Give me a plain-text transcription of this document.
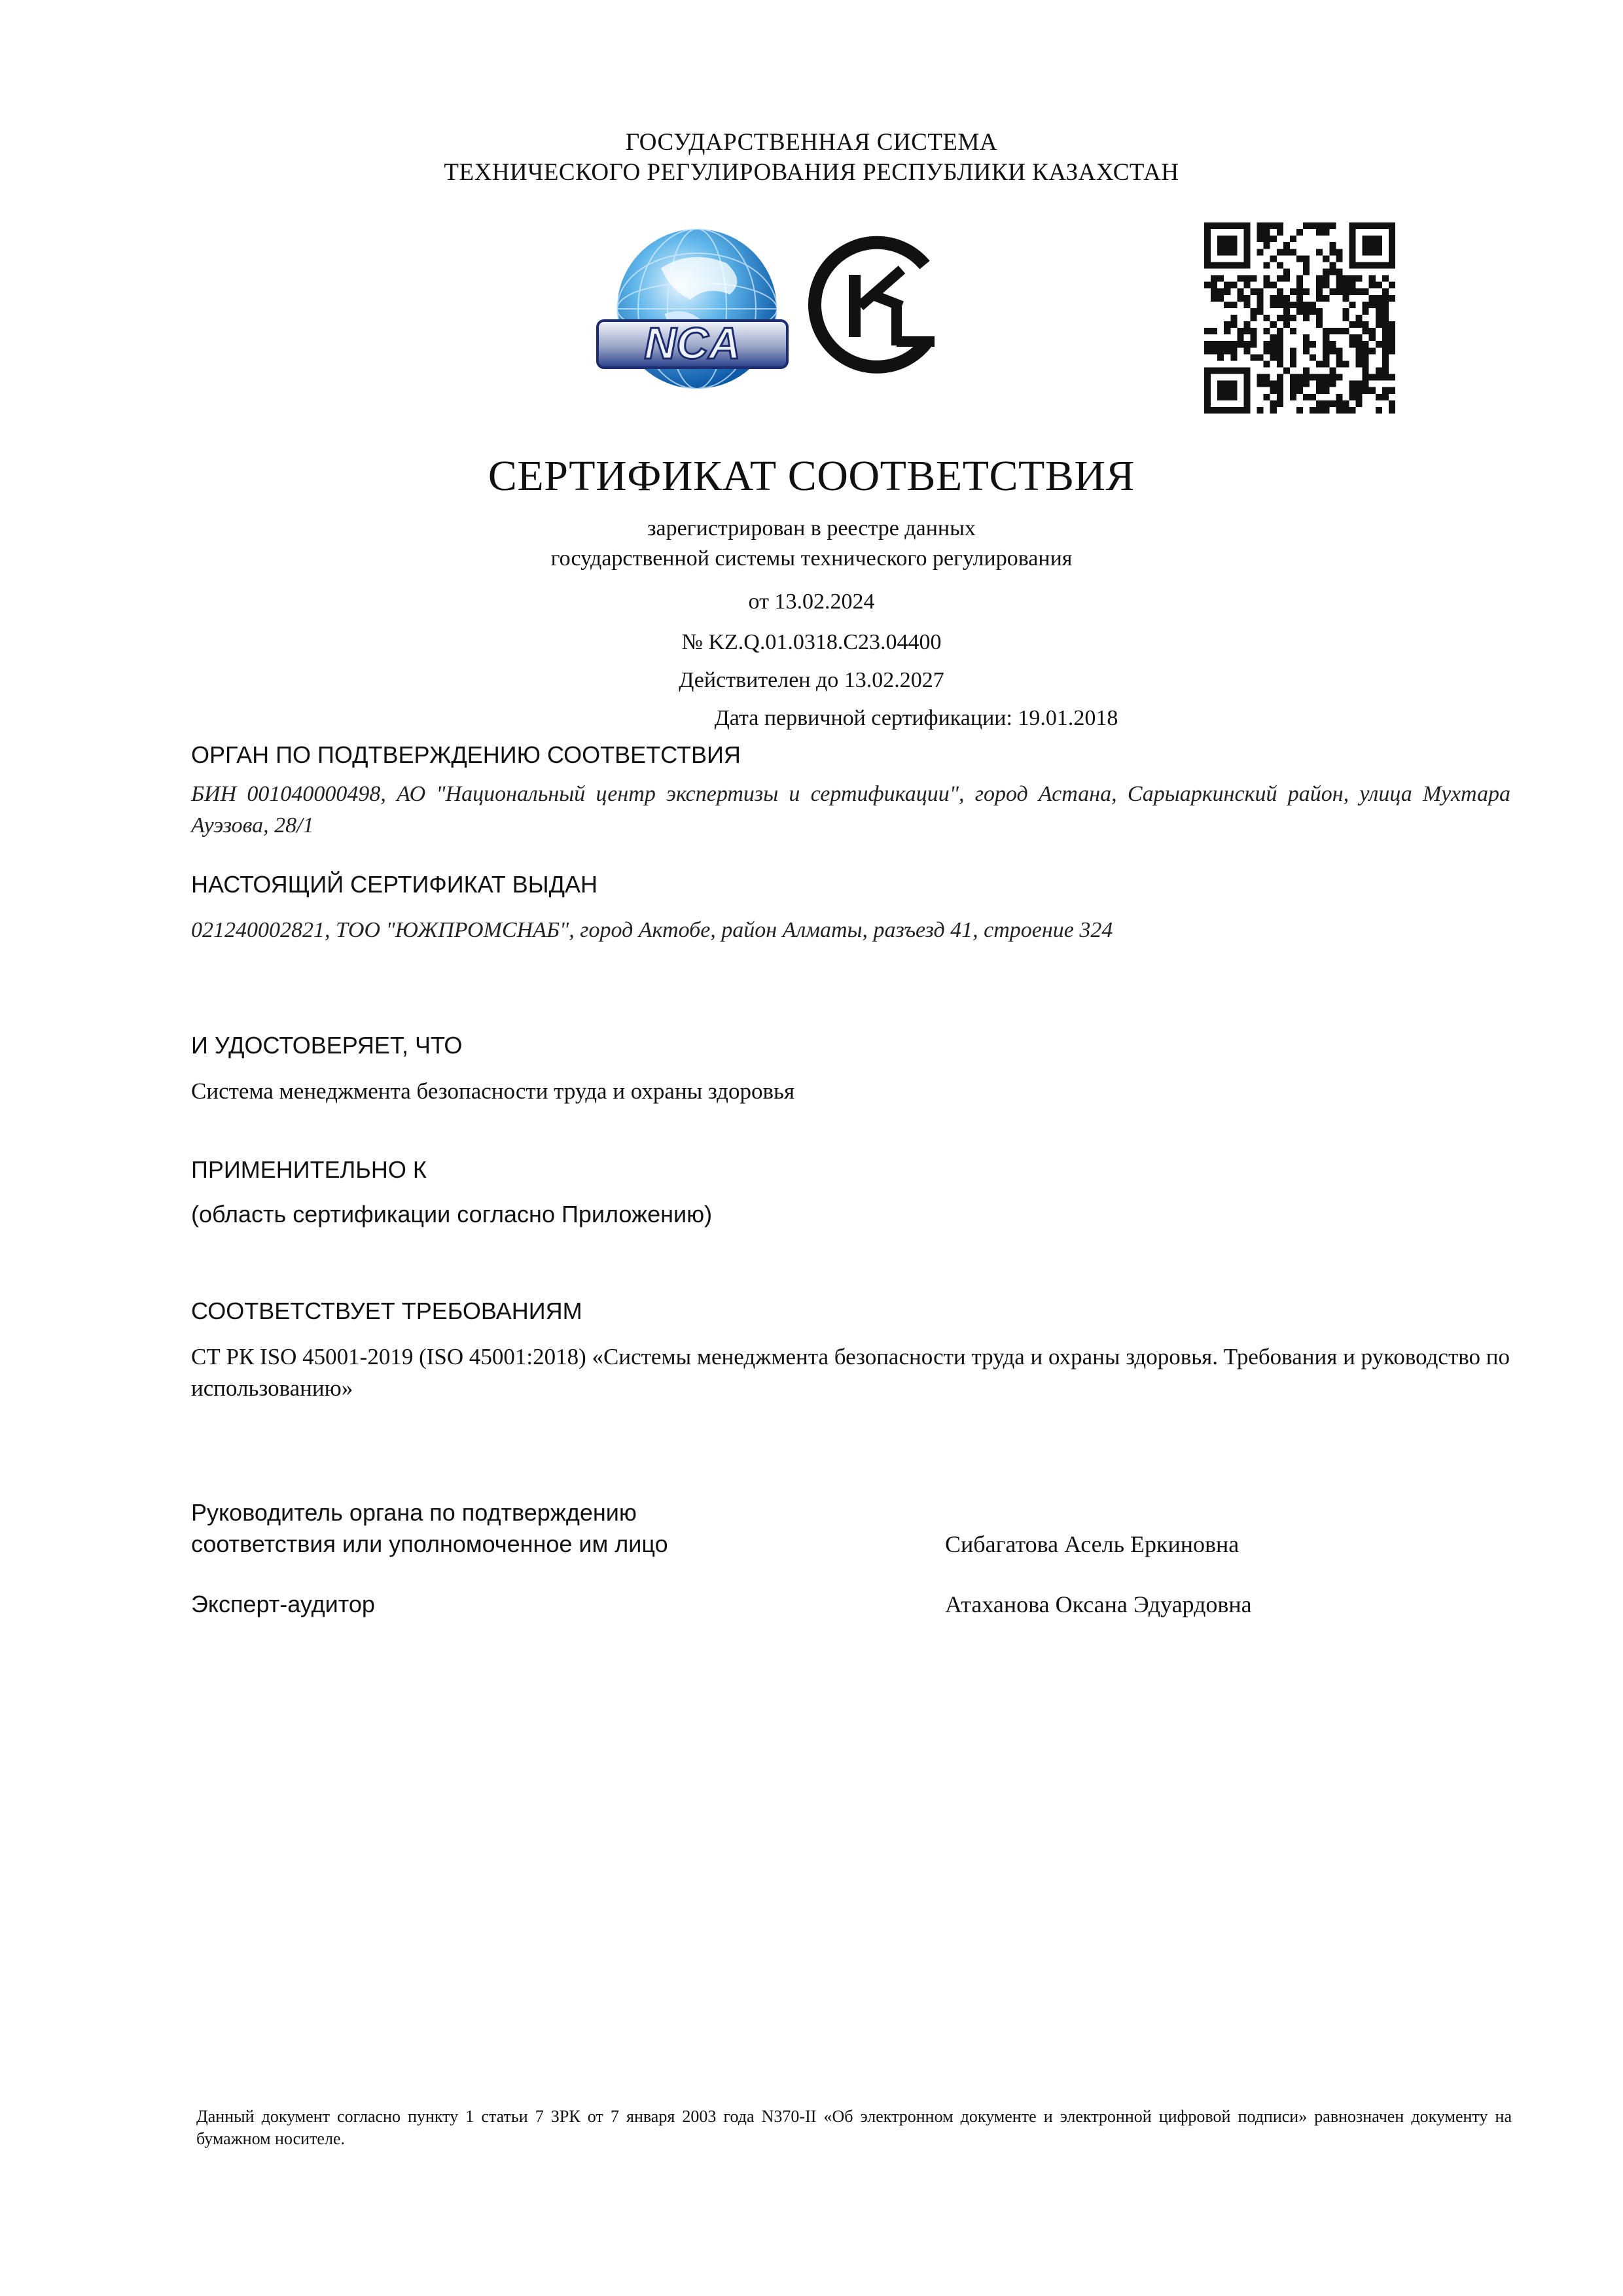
ГОСУДАРСТВЕННАЯ СИСТЕМА
ТЕХНИЧЕСКОГО РЕГУЛИРОВАНИЯ РЕСПУБЛИКИ КАЗАХСТАН
NCA
СЕРТИФИКАТ СООТВЕТСТВИЯ
зарегистрирован в реестре данных
государственной системы технического регулирования
от 13.02.2024
№ KZ.Q.01.0318.C23.04400
Действителен до 13.02.2027
Дата первичной сертификации: 19.01.2018
ОРГАН ПО ПОДТВЕРЖДЕНИЮ СООТВЕТСТВИЯ
БИН 001040000498, АО "Национальный центр экспертизы и сертификации", город Астана, Сарыаркинский район, улица Мухтара Ауэзова, 28/1
НАСТОЯЩИЙ СЕРТИФИКАТ ВЫДАН
021240002821, ТОО "ЮЖПРОМСНАБ", город Актобе, район Алматы, разъезд 41, строение 324
И УДОСТОВЕРЯЕТ, ЧТО
Система менеджмента безопасности труда и охраны здоровья
ПРИМЕНИТЕЛЬНО К
(область сертификации согласно Приложению)
СООТВЕТСТВУЕТ ТРЕБОВАНИЯМ
СТ РК ISO 45001-2019 (ISO 45001:2018) «Системы менеджмента безопасности труда и охраны здоровья. Требования и руководство по использованию»
Руководитель органа по подтверждению
соответствия или уполномоченное им лицо	Сибагатова Асель Еркиновна
Эксперт-аудитор	Атаханова Оксана Эдуардовна
Данный документ согласно пункту 1 статьи 7 ЗРК от 7 января 2003 года N370-II «Об электронном документе и электронной цифровой подписи» равнозначен документу на бумажном носителе.
